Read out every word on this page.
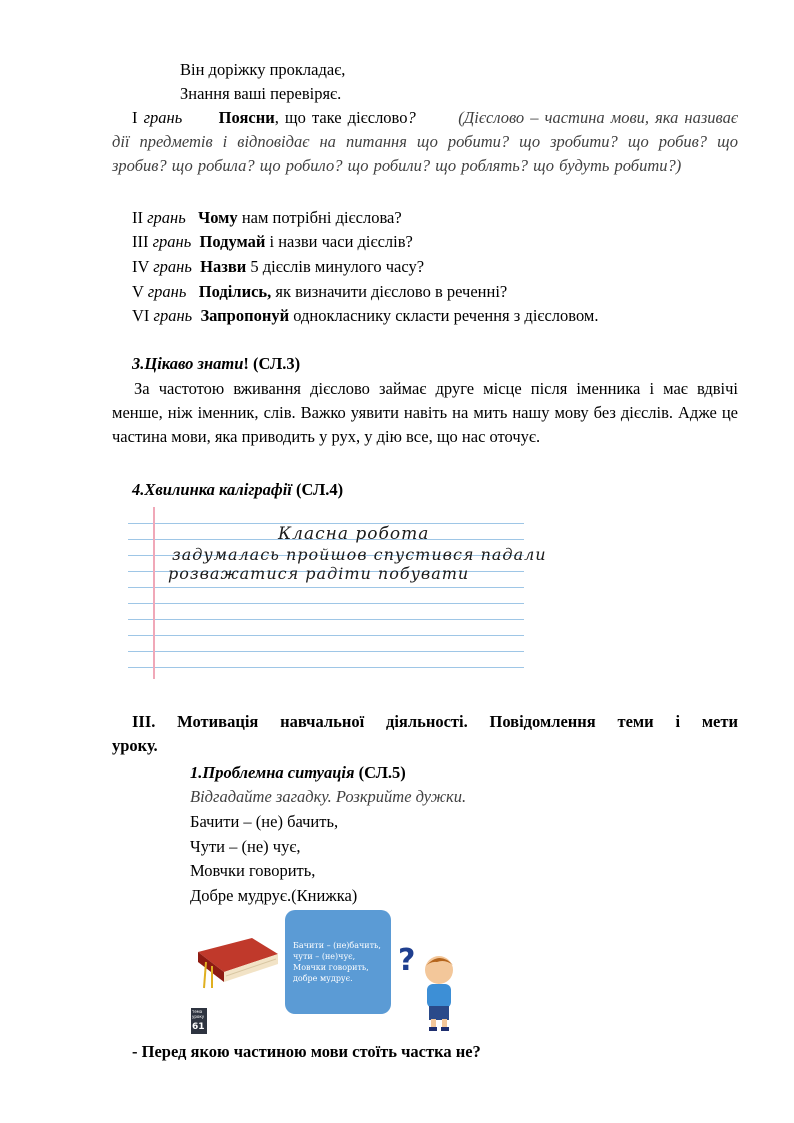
Він доріжку прокладає,
Знання ваші перевіряє.
І грань Поясни, що таке дієслово?	(Дієслово – частина мови, яка називає дії предметів і відповідає на питання що робити? що зробити? що робив? що зробив? що робила? що робило? що робили? що роблять? що будуть робити?)
ІІ грань Чому нам потрібні дієслова?
ІІІ грань Подумай і назви часи дієслів?
IV грань Назви 5 дієслів минулого часу?
V грань Поділись, як визначити дієслово в реченні?
VI грань Запропонуй однокласнику скласти речення з дієсловом.
3.Цікаво знати! (СЛ.3)
За частотою вживання дієслово займає друге місце після іменника і має вдвічі менше, ніж іменник, слів. Важко уявити навіть на мить нашу мову без дієслів. Адже це частина мови, яка приводить у рух, у дію все, що нас оточує.
4.Хвилинка каліграфії (СЛ.4)
Класна робота
задумалась пройшов спустився падали
розважатися радіти побувати
ІІІ. Мотивація навчальної діяльності. Повідомлення теми і мети
уроку.
1.Проблемна ситуація (СЛ.5)
Відгадайте загадку. Розкрийте дужки.
Бачити – (не) бачить,
Чути – (не) чує,
Мовчки говорить,
Добре мудрує.(Книжка)
Бачити – (не)бачить, чути – (не)чує, Мовчки говорить, добре мудрує.
?
тема уроку
61
- Перед якою частиною мови стоїть частка не?
